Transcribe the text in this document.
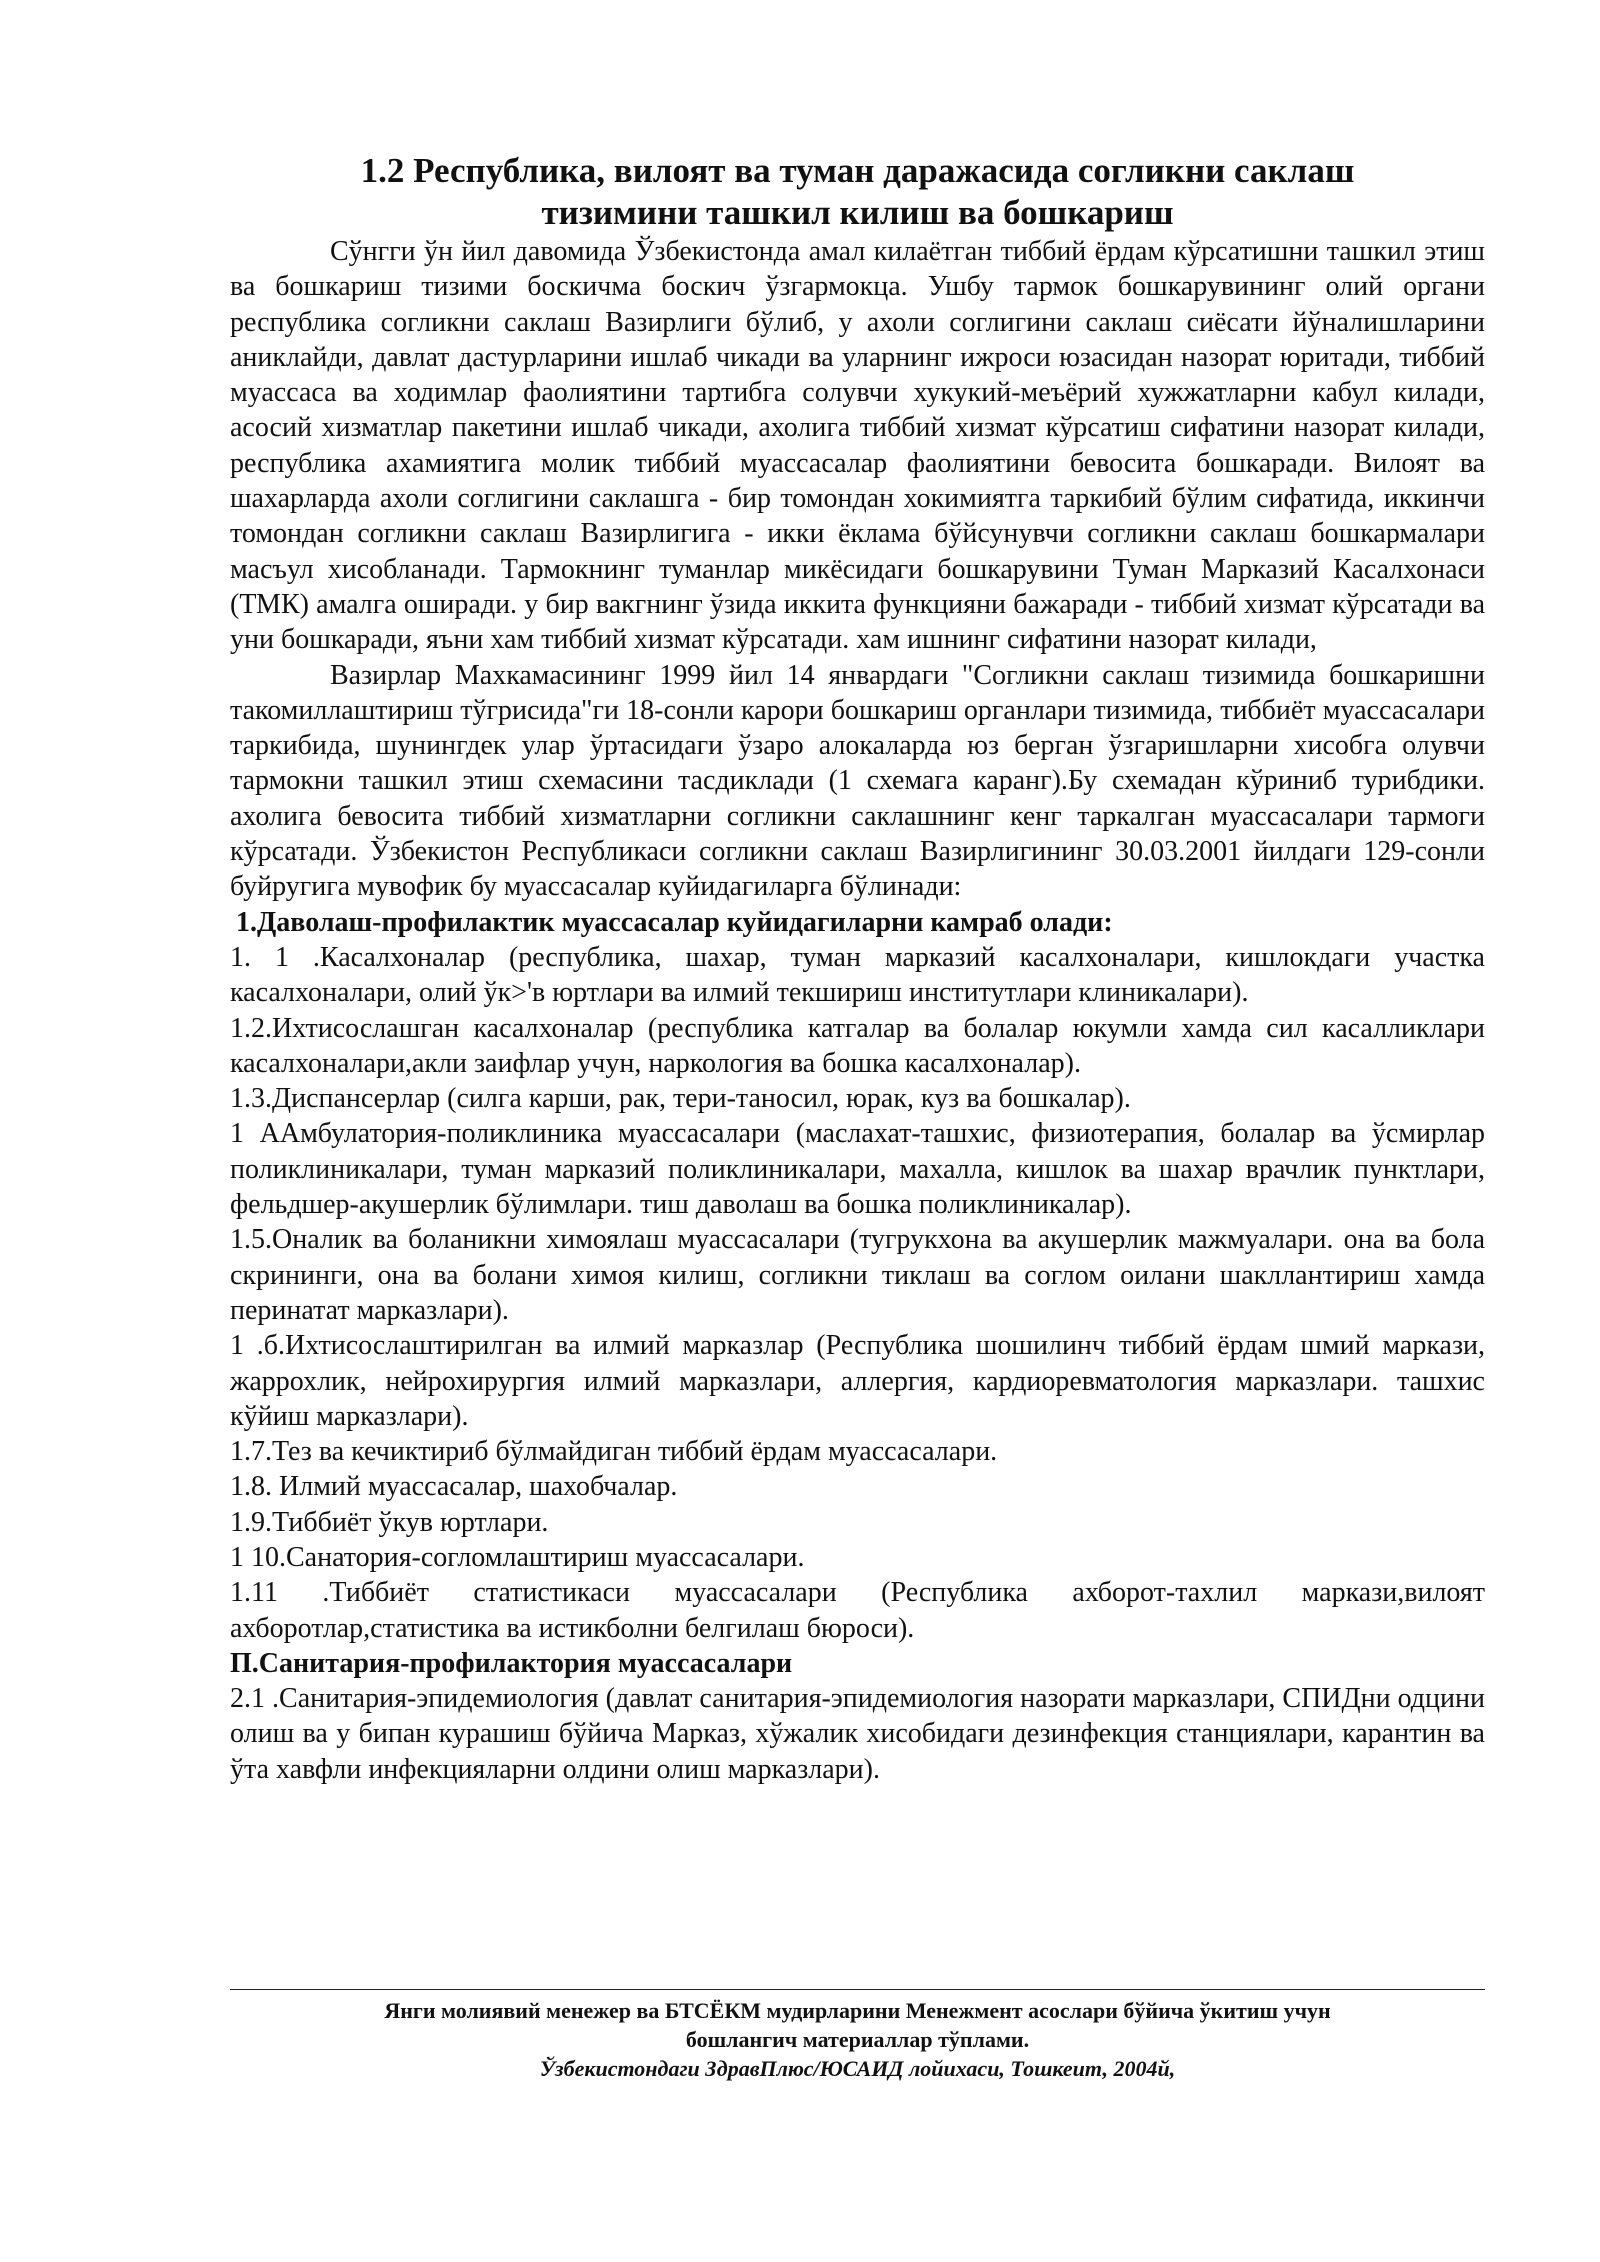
1.2 Республика, вилоят ва туман даражасида согликни саклаш
тизимини ташкил килиш ва бошкариш

Сўнгги ўн йил давомида Ўзбекистонда амал килаётган тиббий ёрдам кўрсатишни ташкил этиш ва бошкариш тизими боскичма боскич ўзгармокца. Ушбу тармок бошкарувининг олий органи республика согликни саклаш Вазирлиги бўлиб, у ахоли соглигини саклаш сиёсати йўналишларини аниклайди, давлат дастурларини ишлаб чикади ва уларнинг ижроси юзасидан назорат юритади, тиббий муассаса ва ходимлар фаолиятини тартибга солувчи хукукий-меъёрий хужжатларни кабул килади, асосий хизматлар пакетини ишлаб чикади, ахолига тиббий хизмат кўрсатиш сифатини назорат килади, республика ахамиятига молик тиббий муассасалар фаолиятини бевосита бошкаради. Вилоят ва шахарларда ахоли соглигини саклашга - бир томондан хокимиятга таркибий бўлим сифатида, иккинчи томондан согликни саклаш Вазирлигига - икки ёклама бўйсунувчи согликни саклаш бошкармалари масъул хисобланади. Тармокнинг туманлар микёсидаги бошкарувини Туман Марказий Касалхонаси (ТМК) амалга оширади. у бир вакгнинг ўзида иккита функцияни бажаради - тиббий хизмат кўрсатади ва уни бошкаради, яъни хам тиббий хизмат кўрсатади. хам ишнинг сифатини назорат килади,

Вазирлар Махкамасининг 1999 йил 14 январдаги "Согликни саклаш тизимида бошкаришни такомиллаштириш тўгрисида"ги 18-сонли карори бошкариш органлари тизимида, тиббиёт муассасалари таркибида, шунингдек улар ўртасидаги ўзаро алокаларда юз берган ўзгаришларни хисобга олувчи тармокни ташкил этиш схемасини тасдиклади (1 схемага каранг).Бу схемадан кўриниб турибдики. ахолига бевосита тиббий хизматларни согликни саклашнинг кенг таркалган муассасалари тармоги кўрсатади. Ўзбекистон Республикаси согликни саклаш Вазирлигининг 30.03.2001 йилдаги 129-сонли буйругига мувофик бу муассасалар куйидагиларга бўлинади:

1.Даволаш-профилактик муассасалар куйидагиларни камраб олади:

1. 1 .Касалхоналар (республика, шахар, туман марказий касалхоналари, кишлокдаги участка касалхоналари, олий ўк>'в юртлари ва илмий текшириш институтлари клиникалари).

1.2.Ихтисослашган касалхоналар (республика катгалар ва болалар юкумли хамда сил касалликлари касалхоналари,акли заифлар учун, наркология ва бошка касалхоналар).

1.3.Диспансерлар (силга карши, рак, тери-таносил, юрак, куз ва бошкалар).

1 ААмбулатория-поликлиника муассасалари (маслахат-ташхис, физиотерапия, болалар ва ўсмирлар поликлиникалари, туман марказий поликлиникалари, махалла, кишлок ва шахар врачлик пунктлари, фельдшер-акушерлик бўлимлари. тиш даволаш ва бошка поликлиникалар).

1.5.Оналик ва боланикни химоялаш муассасалари (тугрукхона ва акушерлик мажмуалари. она ва бола скрининги, она ва болани химоя килиш, согликни тиклаш ва соглом оилани шакллантириш хамда перинатат марказлари).

1 .б.Ихтисослаштирилган ва илмий марказлар (Республика шошилинч тиббий ёрдам шмий маркази, жаррохлик, нейрохирургия илмий марказлари, аллергия, кардиоревматология марказлари. ташхис кўйиш марказлари).

1.7.Тез ва кечиктириб бўлмайдиган тиббий ёрдам муассасалари.

1.8. Илмий муассасалар, шахобчалар.

1.9.Тиббиёт ўкув юртлари.

1 10.Санатория-согломлаштириш муассасалари.

1.11 .Тиббиёт статистикаси муассасалари (Республика ахборот-тахлил маркази,вилоят ахборотлар,статистика ва истикболни белгилаш бюроси).

П.Санитария-профилактория муассасалари

2.1 .Санитария-эпидемиология (давлат санитария-эпидемиология назорати марказлари, СПИДни одцини олиш ва у бипан курашиш бўйича Марказ, хўжалик хисобидаги дезинфекция станциялари, карантин ва ўта хавфли инфекцияларни олдини олиш марказлари).

Янги молиявий менежер ва БТСЁКМ мудирларини Менежмент асослари бўйича ўкитиш учун
бошлангич материаллар тўплами.
Ўзбекистондаги ЗдравПлюс/ЮСАИД лойихаси, Тошкеит, 2004й,
